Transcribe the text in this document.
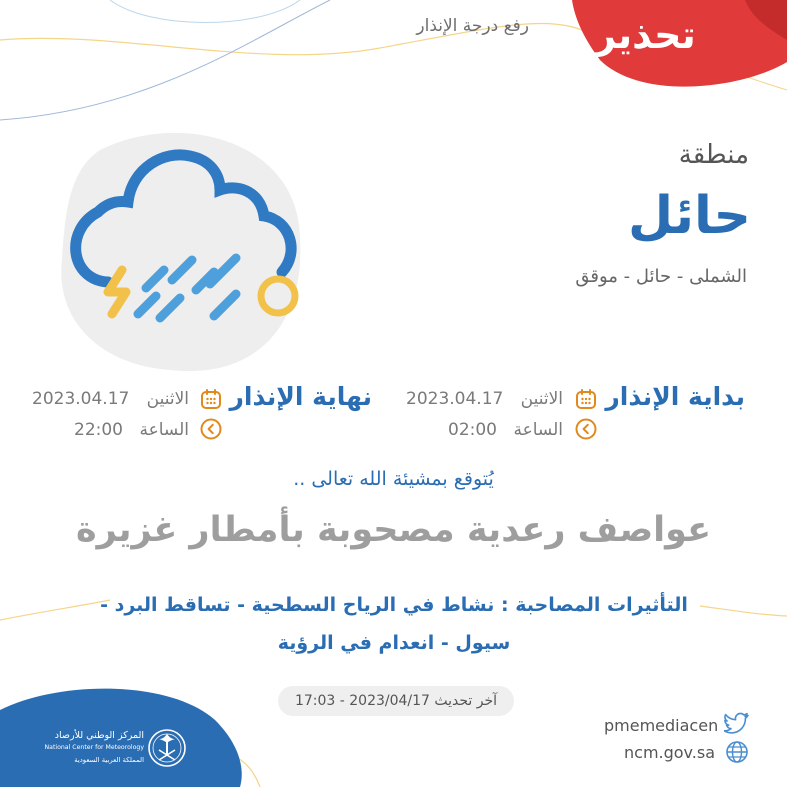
تحذير
رفع درجة الإنذار
منطقة
حائل
الشملى - حائل - موقق
بداية الإنذار
الاثنين
2023.04.17
الساعة
02:00
نهاية الإنذار
الاثنين
2023.04.17
الساعة
22:00
يُتوقع بمشيئة الله تعالى ..
عواصف رعدية مصحوبة بأمطار غزيرة
التأثيرات المصاحبة : نشاط في الرياح السطحية - تساقط البرد - سيول - انعدام في الرؤية
آخر تحديث 2023/04/17 - 17:03
pmemediacen
ncm.gov.sa
المركز الوطني للأرصاد
National Center for Meteorology
المملكة العربية السعودية
